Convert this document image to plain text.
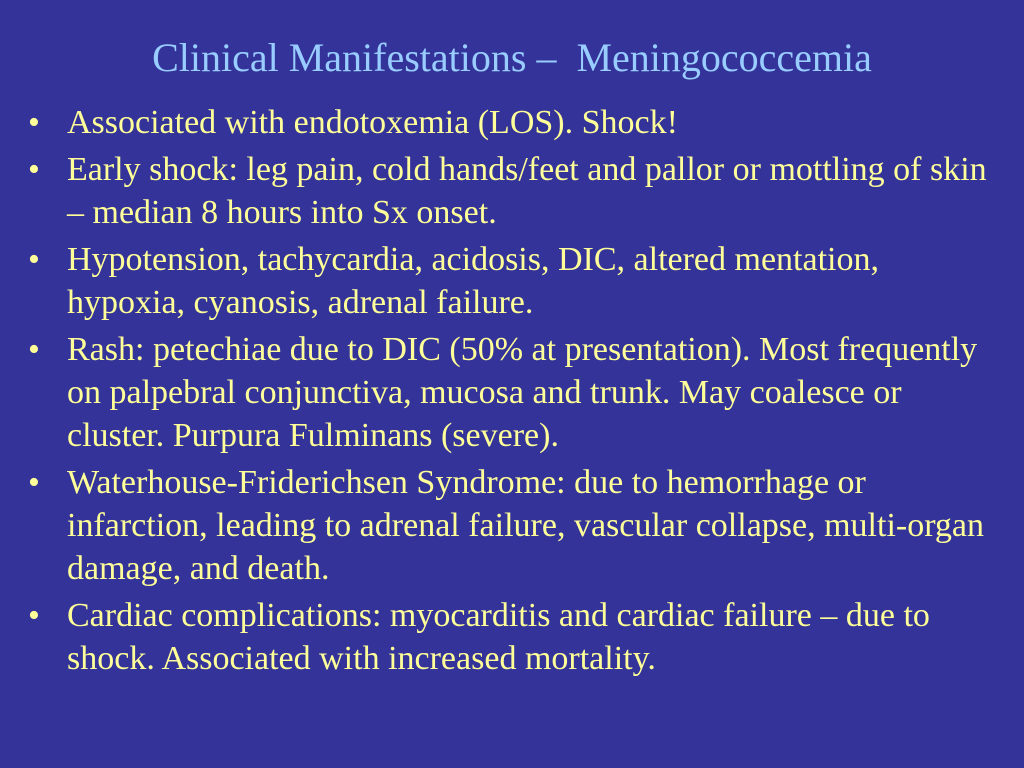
Clinical Manifestations –  Meningococcemia
• Associated with endotoxemia (LOS). Shock!
• Early shock: leg pain, cold hands/feet and pallor or mottling of skin – median 8 hours into Sx onset.
• Hypotension, tachycardia, acidosis, DIC, altered mentation, hypoxia, cyanosis, adrenal failure.
• Rash: petechiae due to DIC (50% at presentation). Most frequently on palpebral conjunctiva, mucosa and trunk. May coalesce or cluster. Purpura Fulminans (severe).
• Waterhouse-Friderichsen Syndrome: due to hemorrhage or infarction, leading to adrenal failure, vascular collapse, multi-organ damage, and death.
• Cardiac complications: myocarditis and cardiac failure – due to shock. Associated with increased mortality.
